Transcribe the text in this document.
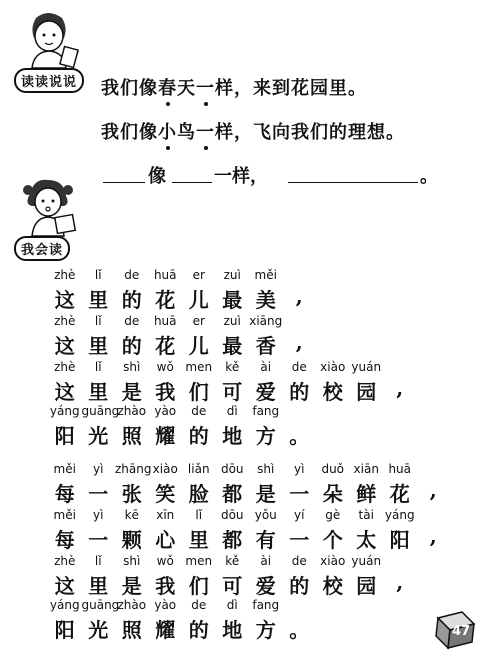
读读说说	我们像春天一样，来到花园里。
我们像小鸟一样，飞向我们的理想。
像	一样，	。
我会读
zhè	lǐ	de	huā	er	zuì	měi
这 里 的 花 儿 最 美	,
zhè	lǐ	de	huā	er	zuì xiāng
这 里 的 花 儿 最 香	,
zhè	lǐ	shì	wǒ men	kě	ài	de	xiào yuán
这 里 是 我 们 可 爱 的 校 园	,
yáng guāng
zhào yào	de	dì	fang
阳 光 照 耀 的 地 方 。
měi	yì zhāng xiào liǎn dōu	shì	yì	duǒ xiān huā
每 一 张 笑 脸 都 是 一 朵 鲜 花	,
měi	yì	kē	xīn	lǐ	dōu yǒu	yí	gè	tài yáng
每 一 颗 心 里 都 有 一 个 太 阳	,
zhè	lǐ	shì	wǒ men	kě	ài	de	xiào yuán
这 里 是 我 们 可 爱 的 校 园	,
yáng guāng
zhào yào	de	dì	fang
阳 光 照 耀 的 地 方 。	47
